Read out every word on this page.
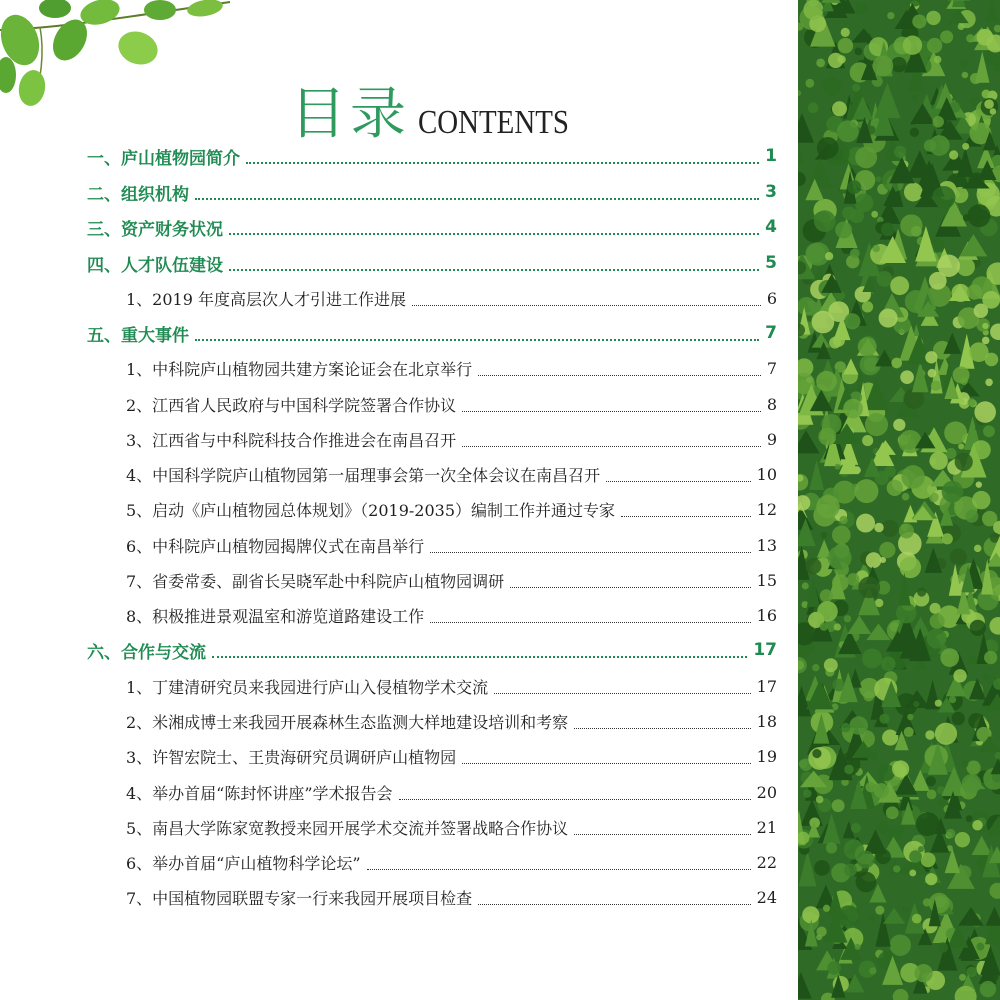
目录 CONTENTS
一、庐山植物园简介	1
二、组织机构	3
三、资产财务状况	4
四、人才队伍建设	5
1、2019 年度高层次人才引进工作进展	6
五、重大事件	7
1、中科院庐山植物园共建方案论证会在北京举行	7
2、江西省人民政府与中国科学院签署合作协议	8
3、江西省与中科院科技合作推进会在南昌召开	9
4、中国科学院庐山植物园第一届理事会第一次全体会议在南昌召开	10
5、启动《庐山植物园总体规划》（2019-2035）编制工作并通过专家	12
6、中科院庐山植物园揭牌仪式在南昌举行	13
7、省委常委、副省长吴晓军赴中科院庐山植物园调研	15
8、积极推进景观温室和游览道路建设工作	16
六、合作与交流	17
1、丁建清研究员来我园进行庐山入侵植物学术交流	17
2、米湘成博士来我园开展森林生态监测大样地建设培训和考察	18
3、许智宏院士、王贵海研究员调研庐山植物园	19
4、举办首届“陈封怀讲座”学术报告会	20
5、南昌大学陈家宽教授来园开展学术交流并签署战略合作协议	21
6、举办首届“庐山植物科学论坛”	22
7、中国植物园联盟专家一行来我园开展项目检查	24
